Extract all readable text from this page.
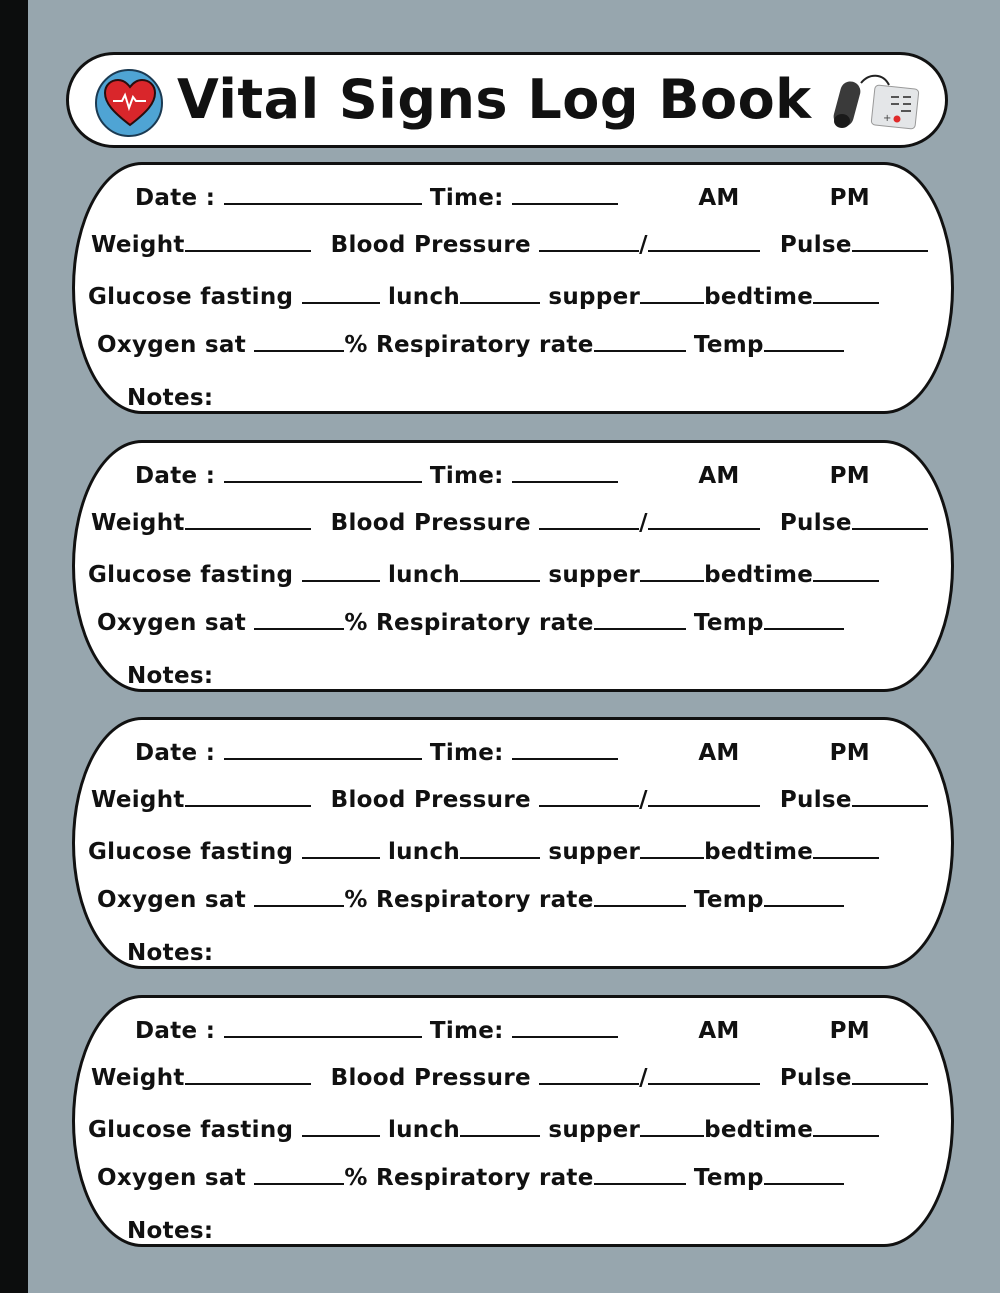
Vital Signs Log Book	+
Date :	Time:	AM	PM
Weight	Blood Pressure	/	Pulse
Glucose fasting	lunch	supper	bedtime
Oxygen sat	% Respiratory rate	Temp
Notes:
Date :	Time:	AM	PM
Weight	Blood Pressure	/	Pulse
Glucose fasting	lunch	supper	bedtime
Oxygen sat	% Respiratory rate	Temp
Notes:
Date :	Time:	AM	PM
Weight	Blood Pressure	/	Pulse
Glucose fasting	lunch	supper	bedtime
Oxygen sat	% Respiratory rate	Temp
Notes:
Date :	Time:	AM	PM
Weight	Blood Pressure	/	Pulse
Glucose fasting	lunch	supper	bedtime
Oxygen sat	% Respiratory rate	Temp
Notes:
